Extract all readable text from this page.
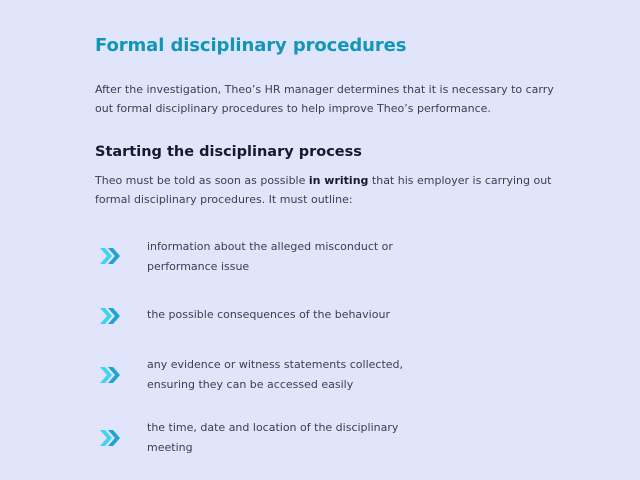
Formal disciplinary procedures

After the investigation, Theo’s HR manager determines that it is necessary to carry out formal disciplinary procedures to help improve Theo’s performance.

Starting the disciplinary process

Theo must be told as soon as possible in writing that his employer is carrying out formal disciplinary procedures. It must outline:

information about the alleged misconduct or performance issue
the possible consequences of the behaviour
any evidence or witness statements collected, ensuring they can be accessed easily
the time, date and location of the disciplinary meeting
